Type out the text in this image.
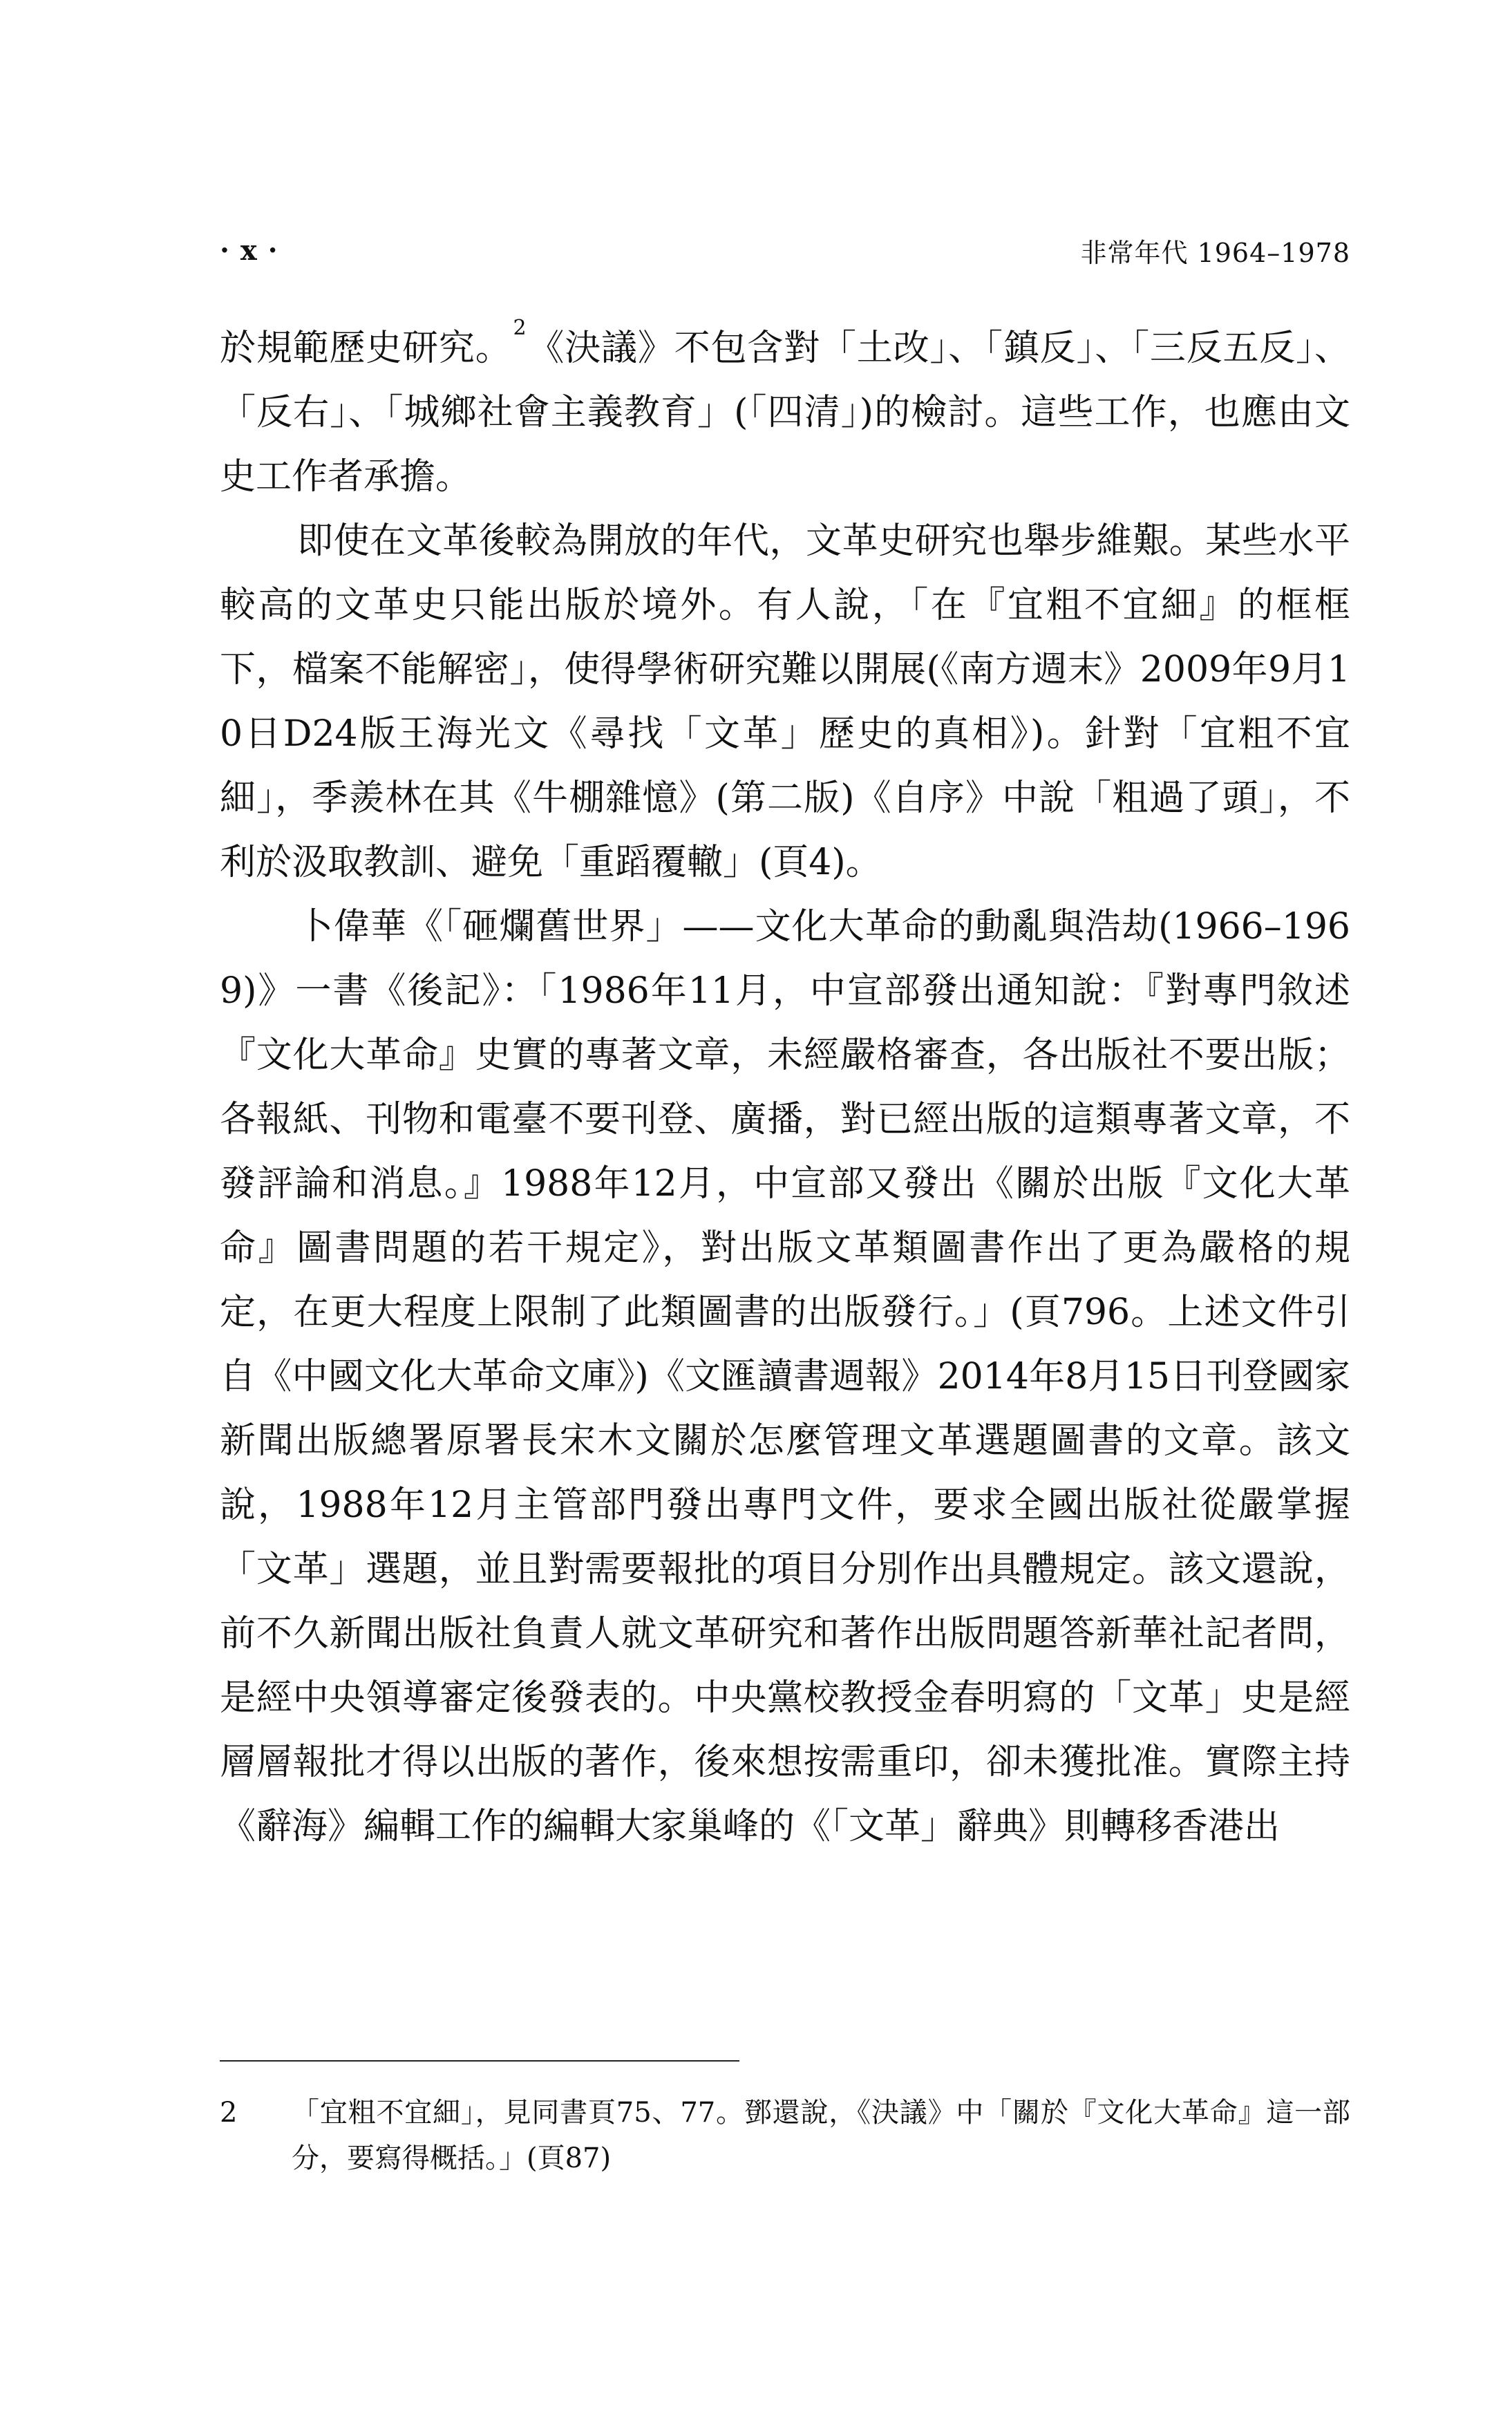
· x ·	非常年代 1964–1978

於規範歷史研究。$^2$《決議》不包含對「土改」、「鎮反」、「三反五反」、「反右」、「城鄉社會主義教育」(「四清」)的檢討。這些工作，也應由文史工作者承擔。

即使在文革後較為開放的年代，文革史研究也舉步維艱。某些水平較高的文革史只能出版於境外。有人說，「在『宜粗不宜細』的框框下，檔案不能解密」，使得學術研究難以開展(《南方週末》2009年9月10日D24版王海光文《尋找「文革」歷史的真相》)。針對「宜粗不宜細」，季羨林在其《牛棚雜憶》(第二版)《自序》中說「粗過了頭」，不利於汲取教訓、避免「重蹈覆轍」(頁4)。

卜偉華《「砸爛舊世界」——文化大革命的動亂與浩劫(1966–1969)》一書《後記》：「1986年11月，中宣部發出通知說：『對專門敘述『文化大革命』史實的專著文章，未經嚴格審查，各出版社不要出版；各報紙、刊物和電臺不要刊登、廣播，對已經出版的這類專著文章，不發評論和消息。』1988年12月，中宣部又發出《關於出版『文化大革命』圖書問題的若干規定》，對出版文革類圖書作出了更為嚴格的規定，在更大程度上限制了此類圖書的出版發行。」(頁796。上述文件引自《中國文化大革命文庫》)《文匯讀書週報》2014年8月15日刊登國家新聞出版總署原署長宋木文關於怎麼管理文革選題圖書的文章。該文說，1988年12月主管部門發出專門文件，要求全國出版社從嚴掌握「文革」選題，並且對需要報批的項目分別作出具體規定。該文還說，前不久新聞出版社負責人就文革研究和著作出版問題答新華社記者問，是經中央領導審定後發表的。中央黨校教授金春明寫的「文革」史是經層層報批才得以出版的著作，後來想按需重印，卻未獲批准。實際主持《辭海》編輯工作的編輯大家巢峰的《「文革」辭典》則轉移香港出

2	「宜粗不宜細」，見同書頁75、77。鄧還說，《決議》中「關於『文化大革命』這一部分，要寫得概括。」(頁87)
